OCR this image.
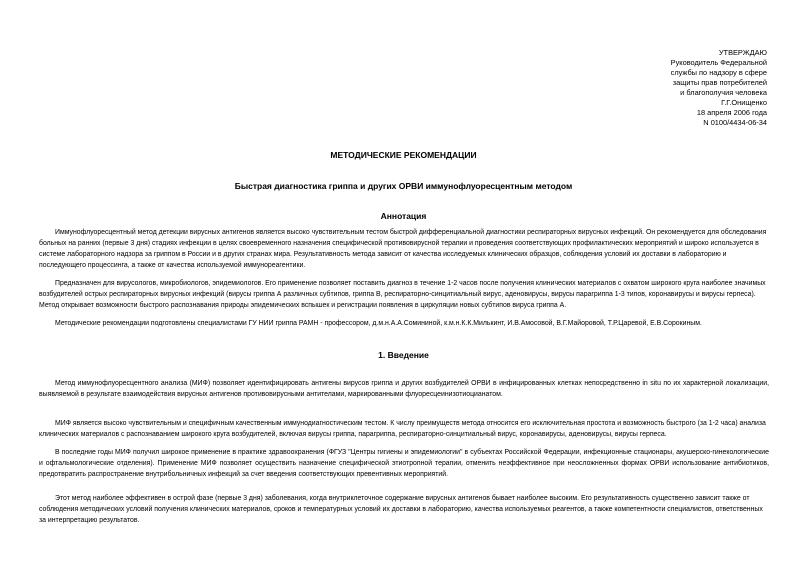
УТВЕРЖДАЮ
Руководитель Федеральной
службы по надзору в сфере
защиты прав потребителей
и благополучия человека
Г.Г.Онищенко
18 апреля 2006 года
N 0100/4434-06-34
МЕТОДИЧЕСКИЕ РЕКОМЕНДАЦИИ
Быстрая диагностика гриппа и других ОРВИ иммунофлуоресцентным методом
Аннотация
Иммунофлуоресцентный метод детекции вирусных антигенов является высоко чувствительным тестом быстрой дифференциальной диагностики респираторных вирусных инфекций. Он рекомендуется для обследования больных на ранних (первые 3 дня) стадиях инфекции в целях своевременного назначения специфической противовирусной терапии и проведения соответствующих профилактических мероприятий и широко используется в системе лабораторного надзора за гриппом в России и в других странах мира. Результативность метода зависит от качества исследуемых клинических образцов, соблюдения условий их доставки в лабораторию и последующего процессинга, а также от качества используемой иммунореагентики.
Предназначен для вирусологов, микробиологов, эпидемиологов. Его применение позволяет поставить диагноз в течение 1-2 часов после получения клинических материалов с охватом широкого круга наиболее значимых возбудителей острых респираторных вирусных инфекций (вирусы гриппа А различных субтипов, гриппа В, респираторно-синцитиальный вирус, аденовирусы, вирусы парагриппа 1-3 типов, коронавирусы и вирусы герпеса). Метод открывает возможности быстрого распознавания природы эпидемических вспышек и регистрации появления в циркуляции новых субтипов вируса гриппа А.
Методические рекомендации подготовлены специалистами ГУ НИИ гриппа РАМН - профессором, д.м.н.А.А.Сомининой, к.м.н.К.К.Милькинт, И.В.Амосовой, В.Г.Майоровой, Т.Р.Царевой, Е.В.Сорокиным.
1. Введение
Метод иммунофлуоресцентного анализа (МИФ) позволяет идентифицировать антигены вирусов гриппа и других возбудителей ОРВИ в инфицированных клетках непосредственно in situ по их характерной локализации, выявляемой в результате взаимодействия вирусных антигенов противовирусными антителами, маркированными флуоресцеинизотиоцианатом.
МИФ является высоко чувствительным и специфичным качественным иммунодиагностическим тестом. К числу преимуществ метода относится его исключительная простота и возможность быстрого (за 1-2 часа) анализа клинических материалов с распознаванием широкого круга возбудителей, включая вирусы гриппа, парагриппа, респираторно-синцитиальный вирус, коронавирусы, аденовирусы, вирусы герпеса.
В последние годы МИФ получил широкое применение в практике здравоохранения (ФГУЗ "Центры гигиены и эпидемиологии" в субъектах Российской Федерации, инфекционные стационары, акушерско-гинекологические и офтальмологические отделения). Применение МИФ позволяет осуществить назначение специфической этиотропной терапии, отменить неэффективное при неосложненных формах ОРВИ использование антибиотиков, предотвратить распространение внутрибольничных инфекций за счет введения соответствующих превентивных мероприятий.
Этот метод наиболее эффективен в острой фазе (первые 3 дня) заболевания, когда внутриклеточное содержание вирусных антигенов бывает наиболее высоким. Его результативность существенно зависит также от соблюдения методических условий получения клинических материалов, сроков и температурных условий их доставки в лабораторию, качества используемых реагентов, а также компетентности специалистов, ответственных за интерпретацию результатов.
